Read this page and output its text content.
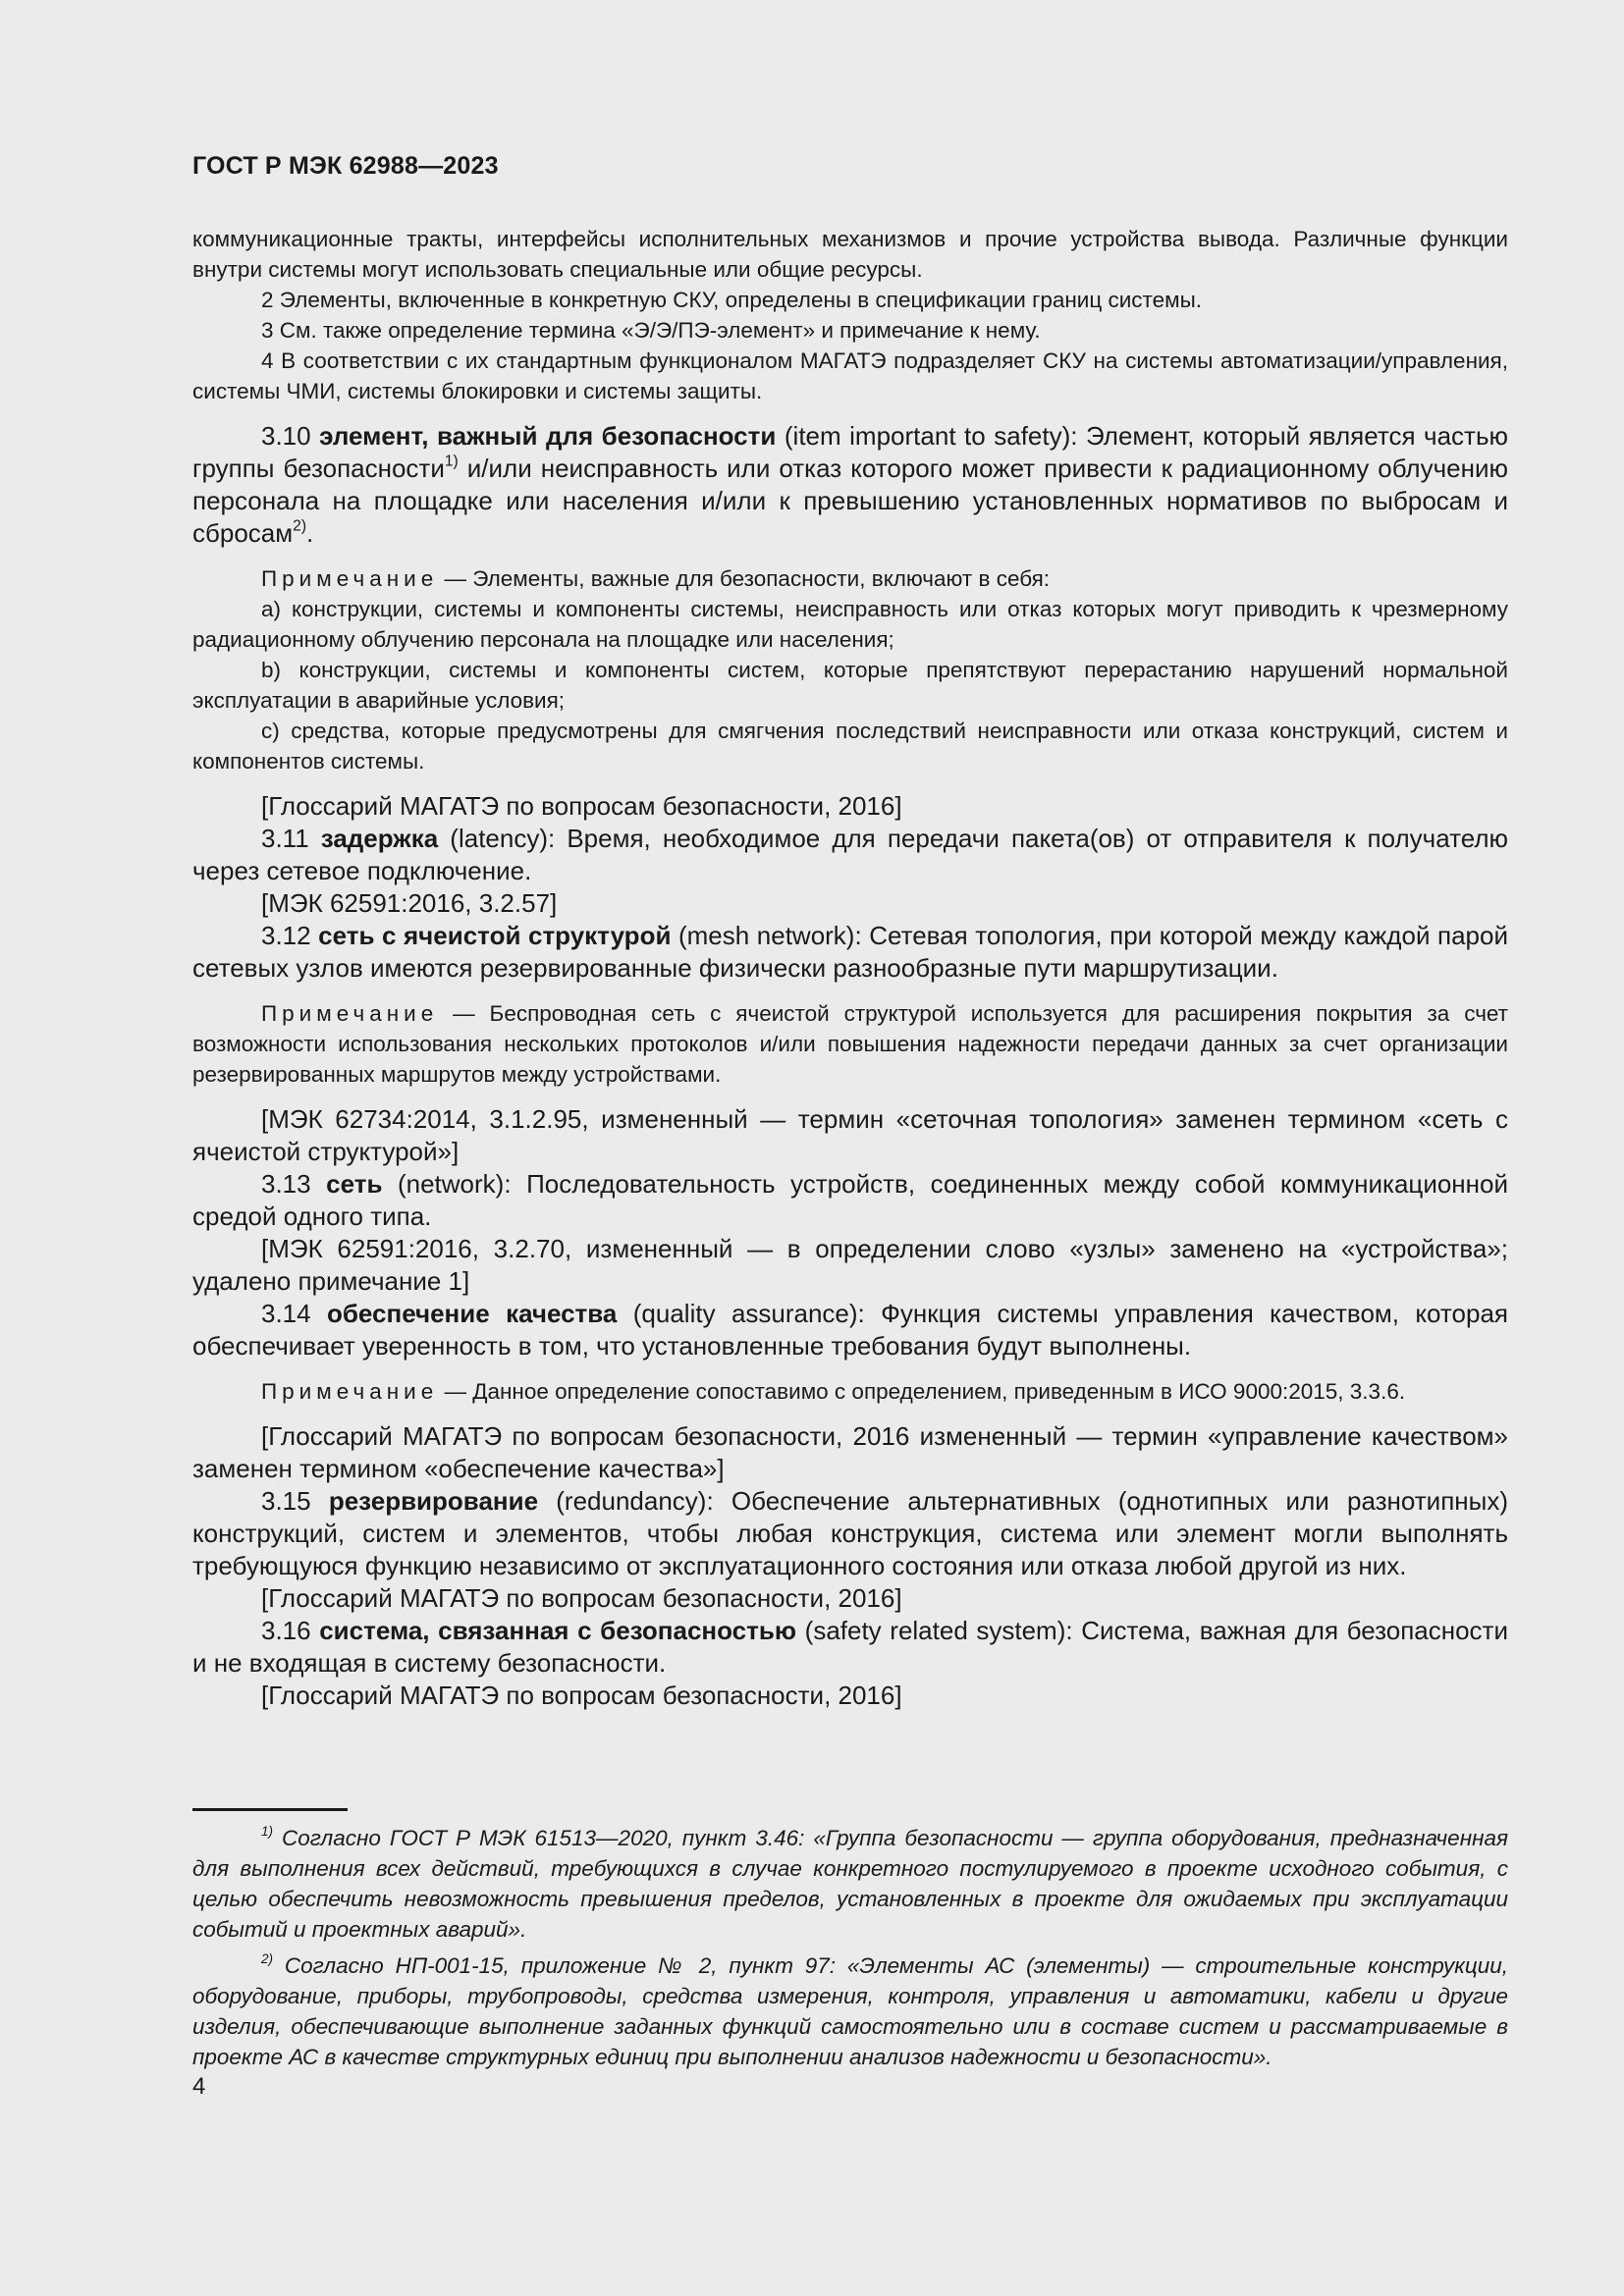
ГОСТ Р МЭК 62988—2023

коммуникационные тракты, интерфейсы исполнительных механизмов и прочие устройства вывода. Различные функции внутри системы могут использовать специальные или общие ресурсы.

2 Элементы, включенные в конкретную СКУ, определены в спецификации границ системы.

3 См. также определение термина «Э/Э/ПЭ-элемент» и примечание к нему.

4 В соответствии с их стандартным функционалом МАГАТЭ подразделяет СКУ на системы автоматизации/управления, системы ЧМИ, системы блокировки и системы защиты.

3.10 элемент, важный для безопасности (item important to safety): Элемент, который является частью группы безопасности$^{1)}$ и/или неисправность или отказ которого может привести к радиационному облучению персонала на площадке или населения и/или к превышению установленных нормативов по выбросам и сбросам$^{2)}$.

Примечание — Элементы, важные для безопасности, включают в себя:

a) конструкции, системы и компоненты системы, неисправность или отказ которых могут приводить к чрезмерному радиационному облучению персонала на площадке или населения;

b) конструкции, системы и компоненты систем, которые препятствуют перерастанию нарушений нормальной эксплуатации в аварийные условия;

c) средства, которые предусмотрены для смягчения последствий неисправности или отказа конструкций, систем и компонентов системы.

[Глоссарий МАГАТЭ по вопросам безопасности, 2016]

3.11 задержка (latency): Время, необходимое для передачи пакета(ов) от отправителя к получателю через сетевое подключение.

[МЭК 62591:2016, 3.2.57]

3.12 сеть с ячеистой структурой (mesh network): Сетевая топология, при которой между каждой парой сетевых узлов имеются резервированные физически разнообразные пути маршрутизации.

Примечание — Беспроводная сеть с ячеистой структурой используется для расширения покрытия за счет возможности использования нескольких протоколов и/или повышения надежности передачи данных за счет организации резервированных маршрутов между устройствами.

[МЭК 62734:2014, 3.1.2.95, измененный — термин «сеточная топология» заменен термином «сеть с ячеистой структурой»]

3.13 сеть (network): Последовательность устройств, соединенных между собой коммуникационной средой одного типа.

[МЭК 62591:2016, 3.2.70, измененный — в определении слово «узлы» заменено на «устройства»; удалено примечание 1]

3.14 обеспечение качества (quality assurance): Функция системы управления качеством, которая обеспечивает уверенность в том, что установленные требования будут выполнены.

Примечание — Данное определение сопоставимо с определением, приведенным в ИСО 9000:2015, 3.3.6.

[Глоссарий МАГАТЭ по вопросам безопасности, 2016 измененный — термин «управление качеством» заменен термином «обеспечение качества»]

3.15 резервирование (redundancy): Обеспечение альтернативных (однотипных или разнотипных) конструкций, систем и элементов, чтобы любая конструкция, система или элемент могли выполнять требующуюся функцию независимо от эксплуатационного состояния или отказа любой другой из них.

[Глоссарий МАГАТЭ по вопросам безопасности, 2016]

3.16 система, связанная с безопасностью (safety related system): Система, важная для безопасности и не входящая в систему безопасности.

[Глоссарий МАГАТЭ по вопросам безопасности, 2016]

$^{1)}$ Согласно ГОСТ Р МЭК 61513—2020, пункт 3.46: «Группа безопасности — группа оборудования, предназначенная для выполнения всех действий, требующихся в случае конкретного постулируемого в проекте исходного события, с целью обеспечить невозможность превышения пределов, установленных в проекте для ожидаемых при эксплуатации событий и проектных аварий».

$^{2)}$ Согласно НП-001-15, приложение № 2, пункт 97: «Элементы АС (элементы) — строительные конструкции, оборудование, приборы, трубопроводы, средства измерения, контроля, управления и автоматики, кабели и другие изделия, обеспечивающие выполнение заданных функций самостоятельно или в составе систем и рассматриваемые в проекте АС в качестве структурных единиц при выполнении анализов надежности и безопасности».

4
